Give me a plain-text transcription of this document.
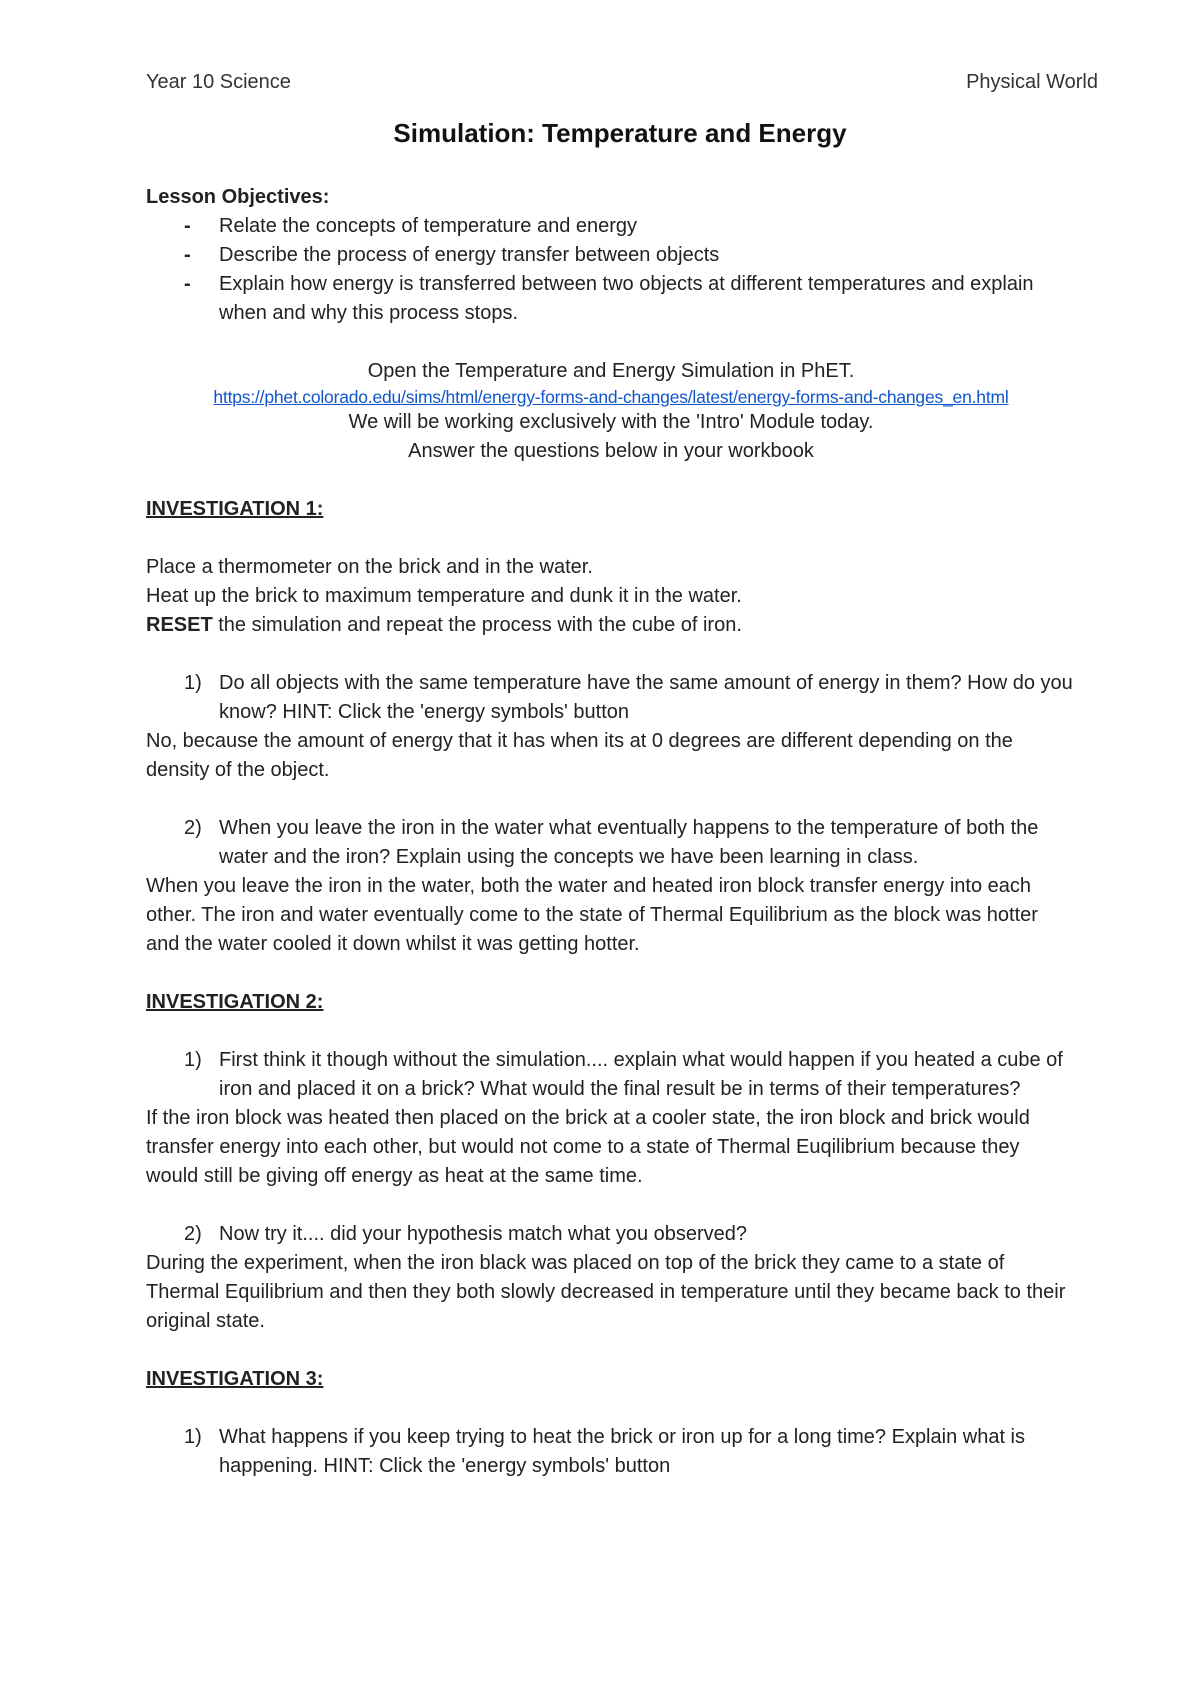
Year 10 Science	Physical World
Simulation: Temperature and Energy

Lesson Objectives:

- Relate the concepts of temperature and energy
- Describe the process of energy transfer between objects
- Explain how energy is transferred between two objects at different temperatures and explain when and why this process stops.

Open the Temperature and Energy Simulation in PhET.

https://phet.colorado.edu/sims/html/energy-forms-and-changes/latest/energy-forms-and-changes_en.html

We will be working exclusively with the 'Intro' Module today.

Answer the questions below in your workbook

INVESTIGATION 1:

Place a thermometer on the brick and in the water.

Heat up the brick to maximum temperature and dunk it in the water.

RESET the simulation and repeat the process with the cube of iron.

1) Do all objects with the same temperature have the same amount of energy in them? How do you know? HINT: Click the 'energy symbols' button

No, because the amount of energy that it has when its at 0 degrees are different depending on the density of the object.

2) When you leave the iron in the water what eventually happens to the temperature of both the water and the iron? Explain using the concepts we have been learning in class.

When you leave the iron in the water, both the water and heated iron block transfer energy into each other. The iron and water eventually come to the state of Thermal Equilibrium as the block was hotter and the water cooled it down whilst it was getting hotter.

INVESTIGATION 2:

1) First think it though without the simulation.... explain what would happen if you heated a cube of iron and placed it on a brick? What would the final result be in terms of their temperatures?

If the iron block was heated then placed on the brick at a cooler state, the iron block and brick would transfer energy into each other, but would not come to a state of Thermal Euqilibrium because they would still be giving off energy as heat at the same time.

2) Now try it.... did your hypothesis match what you observed?

During the experiment, when the iron black was placed on top of the brick they came to a state of Thermal Equilibrium and then they both slowly decreased in temperature until they became back to their original state.

INVESTIGATION 3:

1) What happens if you keep trying to heat the brick or iron up for a long time? Explain what is happening. HINT: Click the 'energy symbols' button
